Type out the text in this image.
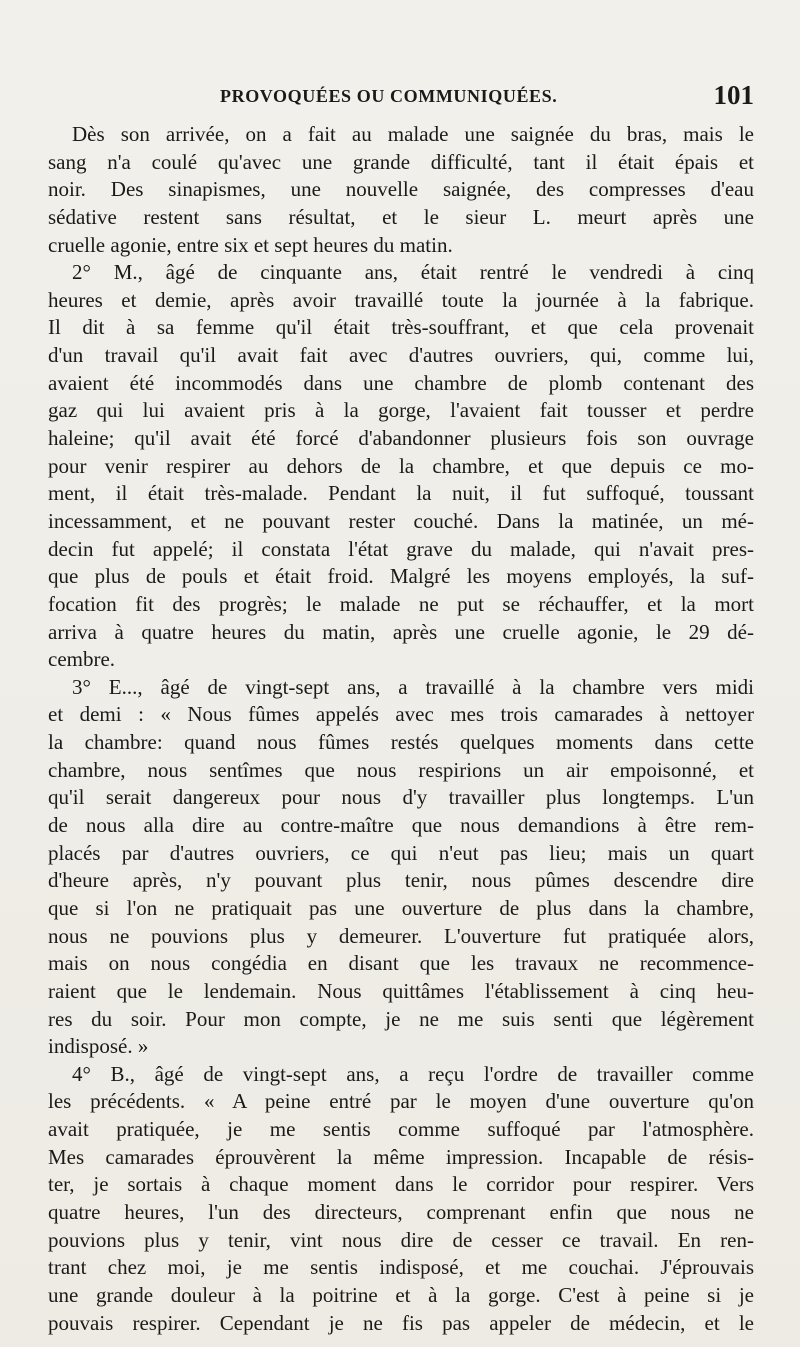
PROVOQUÉES OU COMMUNIQUÉES.	101
Dès son arrivée, on a fait au malade une saignée du bras, mais le
sang n'a coulé qu'avec une grande difficulté, tant il était épais et
noir. Des sinapismes, une nouvelle saignée, des compresses d'eau
sédative restent sans résultat, et le sieur L. meurt après une
cruelle agonie, entre six et sept heures du matin.
2° M., âgé de cinquante ans, était rentré le vendredi à cinq
heures et demie, après avoir travaillé toute la journée à la fabrique.
Il dit à sa femme qu'il était très-souffrant, et que cela provenait
d'un travail qu'il avait fait avec d'autres ouvriers, qui, comme lui,
avaient été incommodés dans une chambre de plomb contenant des
gaz qui lui avaient pris à la gorge, l'avaient fait tousser et perdre
haleine; qu'il avait été forcé d'abandonner plusieurs fois son ouvrage
pour venir respirer au dehors de la chambre, et que depuis ce mo-
ment, il était très-malade. Pendant la nuit, il fut suffoqué, toussant
incessamment, et ne pouvant rester couché. Dans la matinée, un mé-
decin fut appelé; il constata l'état grave du malade, qui n'avait pres-
que plus de pouls et était froid. Malgré les moyens employés, la suf-
focation fit des progrès; le malade ne put se réchauffer, et la mort
arriva à quatre heures du matin, après une cruelle agonie, le 29 dé-
cembre.
3° E..., âgé de vingt-sept ans, a travaillé à la chambre vers midi
et demi : « Nous fûmes appelés avec mes trois camarades à nettoyer
la chambre: quand nous fûmes restés quelques moments dans cette
chambre, nous sentîmes que nous respirions un air empoisonné, et
qu'il serait dangereux pour nous d'y travailler plus longtemps. L'un
de nous alla dire au contre-maître que nous demandions à être rem-
placés par d'autres ouvriers, ce qui n'eut pas lieu; mais un quart
d'heure après, n'y pouvant plus tenir, nous pûmes descendre dire
que si l'on ne pratiquait pas une ouverture de plus dans la chambre,
nous ne pouvions plus y demeurer. L'ouverture fut pratiquée alors,
mais on nous congédia en disant que les travaux ne recommence-
raient que le lendemain. Nous quittâmes l'établissement à cinq heu-
res du soir. Pour mon compte, je ne me suis senti que légèrement
indisposé. »
4° B., âgé de vingt-sept ans, a reçu l'ordre de travailler comme
les précédents. « A peine entré par le moyen d'une ouverture qu'on
avait pratiquée, je me sentis comme suffoqué par l'atmosphère.
Mes camarades éprouvèrent la même impression. Incapable de résis-
ter, je sortais à chaque moment dans le corridor pour respirer. Vers
quatre heures, l'un des directeurs, comprenant enfin que nous ne
pouvions plus y tenir, vint nous dire de cesser ce travail. En ren-
trant chez moi, je me sentis indisposé, et me couchai. J'éprouvais
une grande douleur à la poitrine et à la gorge. C'est à peine si je
pouvais respirer. Cependant je ne fis pas appeler de médecin, et le
